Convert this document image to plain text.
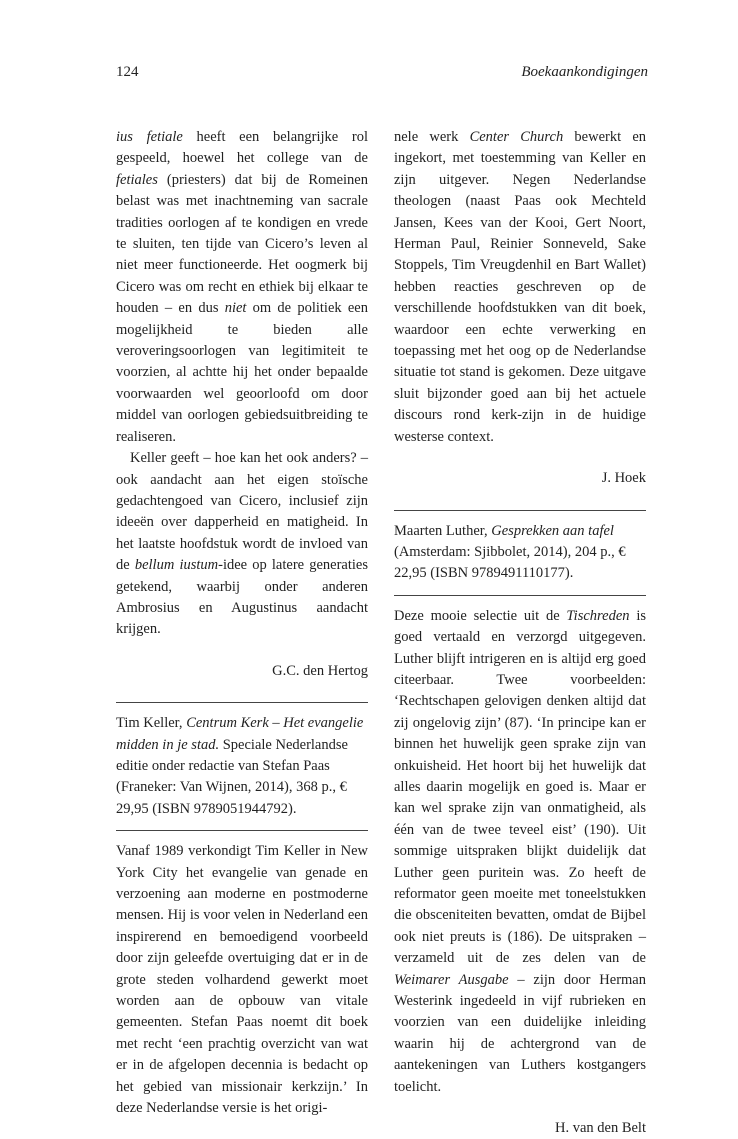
124	Boekaankondigingen

ius fetiale heeft een belangrijke rol gespeeld, hoewel het college van de fetiales (priesters) dat bij de Romeinen belast was met inachtneming van sacrale tradities oorlogen af te kondigen en vrede te sluiten, ten tijde van Cicero’s leven al niet meer functioneerde. Het oogmerk bij Cicero was om recht en ethiek bij elkaar te houden – en dus niet om de politiek een mogelijkheid te bieden alle veroveringsoorlogen van legitimiteit te voorzien, al achtte hij het onder bepaalde voorwaarden wel geoorloofd om door middel van oorlogen gebiedsuitbreiding te realiseren.

Keller geeft – hoe kan het ook anders? – ook aandacht aan het eigen stoïsche gedachtengoed van Cicero, inclusief zijn ideeën over dapperheid en matigheid. In het laatste hoofdstuk wordt de invloed van de bellum iustum-idee op latere generaties getekend, waarbij onder anderen Ambrosius en Augustinus aandacht krijgen.

G.C. den Hertog

Tim Keller, Centrum Kerk – Het evangelie midden in je stad. Speciale Nederlandse editie onder redactie van Stefan Paas (Franeker: Van Wijnen, 2014), 368 p., € 29,95 (ISBN 9789051944792).

Vanaf 1989 verkondigt Tim Keller in New York City het evangelie van genade en verzoening aan moderne en postmoderne mensen. Hij is voor velen in Nederland een inspirerend en bemoedigend voorbeeld door zijn geleefde overtuiging dat er in de grote steden volhardend gewerkt moet worden aan de opbouw van vitale gemeenten. Stefan Paas noemt dit boek met recht ‘een prachtig overzicht van wat er in de afgelopen decennia is bedacht op het gebied van missionair kerkzijn.’ In deze Nederlandse versie is het origi-

nele werk Center Church bewerkt en ingekort, met toestemming van Keller en zijn uitgever. Negen Nederlandse theologen (naast Paas ook Mechteld Jansen, Kees van der Kooi, Gert Noort, Herman Paul, Reinier Sonneveld, Sake Stoppels, Tim Vreugdenhil en Bart Wallet) hebben reacties geschreven op de verschillende hoofdstukken van dit boek, waardoor een echte verwerking en toepassing met het oog op de Nederlandse situatie tot stand is gekomen. Deze uitgave sluit bijzonder goed aan bij het actuele discours rond kerk-zijn in de huidige westerse context.

J. Hoek

Maarten Luther, Gesprekken aan tafel (Amsterdam: Sjibbolet, 2014), 204 p., € 22,95 (ISBN 9789491110177).

Deze mooie selectie uit de Tischreden is goed vertaald en verzorgd uitgegeven. Luther blijft intrigeren en is altijd erg goed citeerbaar. Twee voorbeelden: ‘Rechtschapen gelovigen denken altijd dat zij ongelovig zijn’ (87). ‘In principe kan er binnen het huwelijk geen sprake zijn van onkuisheid. Het hoort bij het huwelijk dat alles daarin mogelijk en goed is. Maar er kan wel sprake zijn van onmatigheid, als één van de twee teveel eist’ (190). Uit sommige uitspraken blijkt duidelijk dat Luther geen puritein was. Zo heeft de reformator geen moeite met toneelstukken die obsceniteiten bevatten, omdat de Bijbel ook niet preuts is (186). De uitspraken – verzameld uit de zes delen van de Weimarer Ausgabe – zijn door Herman Westerink ingedeeld in vijf rubrieken en voorzien van een duidelijke inleiding waarin hij de achtergrond van de aantekeningen van Luthers kostgangers toelicht.

H. van den Belt
